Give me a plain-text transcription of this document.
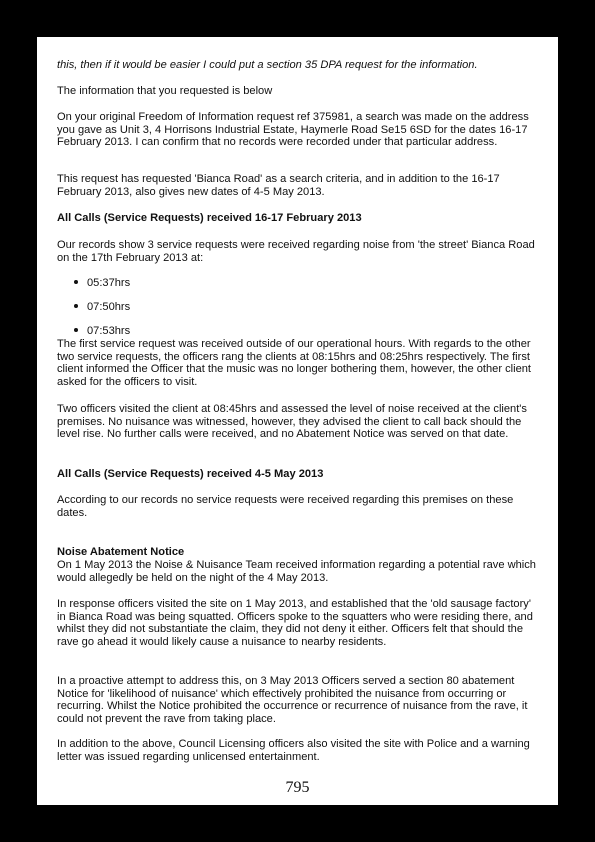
this, then if it would be easier I could put a section 35 DPA request for the information.

The information that you requested is below

On your original Freedom of Information request ref 375981, a search was made on the address you gave as Unit 3, 4 Horrisons Industrial Estate, Haymerle Road Se15 6SD for the dates 16-17 February 2013. I can confirm that no records were recorded under that particular address.

This request has requested 'Bianca Road' as a search criteria, and in addition to the 16-17 February 2013, also gives new dates of 4-5 May 2013.

All Calls (Service Requests) received 16-17 February 2013

Our records show 3 service requests were received regarding noise from 'the street' Bianca Road on the 17th February 2013 at:

05:37hrs

07:50hrs

07:53hrs

The first service request was received outside of our operational hours. With regards to the other two service requests, the officers rang the clients at 08:15hrs and 08:25hrs respectively. The first client informed the Officer that the music was no longer bothering them, however, the other client asked for the officers to visit.

Two officers visited the client at 08:45hrs and assessed the level of noise received at the client's premises. No nuisance was witnessed, however, they advised the client to call back should the level rise. No further calls were received, and no Abatement Notice was served on that date.

All Calls (Service Requests) received 4-5 May 2013

According to our records no service requests were received regarding this premises on these dates.

Noise Abatement Notice

On 1 May 2013 the Noise & Nuisance Team received information regarding a potential rave which would allegedly be held on the night of the 4 May 2013.

In response officers visited the site on 1 May 2013, and established that the 'old sausage factory' in Bianca Road was being squatted. Officers spoke to the squatters who were residing there, and whilst they did not substantiate the claim, they did not deny it either. Officers felt that should the rave go ahead it would likely cause a nuisance to nearby residents.

In a proactive attempt to address this, on 3 May 2013 Officers served a section 80 abatement Notice for 'likelihood of nuisance' which effectively prohibited the nuisance from occurring or recurring. Whilst the Notice prohibited the occurrence or recurrence of nuisance from the rave, it could not prevent the rave from taking place.

In addition to the above, Council Licensing officers also visited the site with Police and a warning letter was issued regarding unlicensed entertainment.

795
